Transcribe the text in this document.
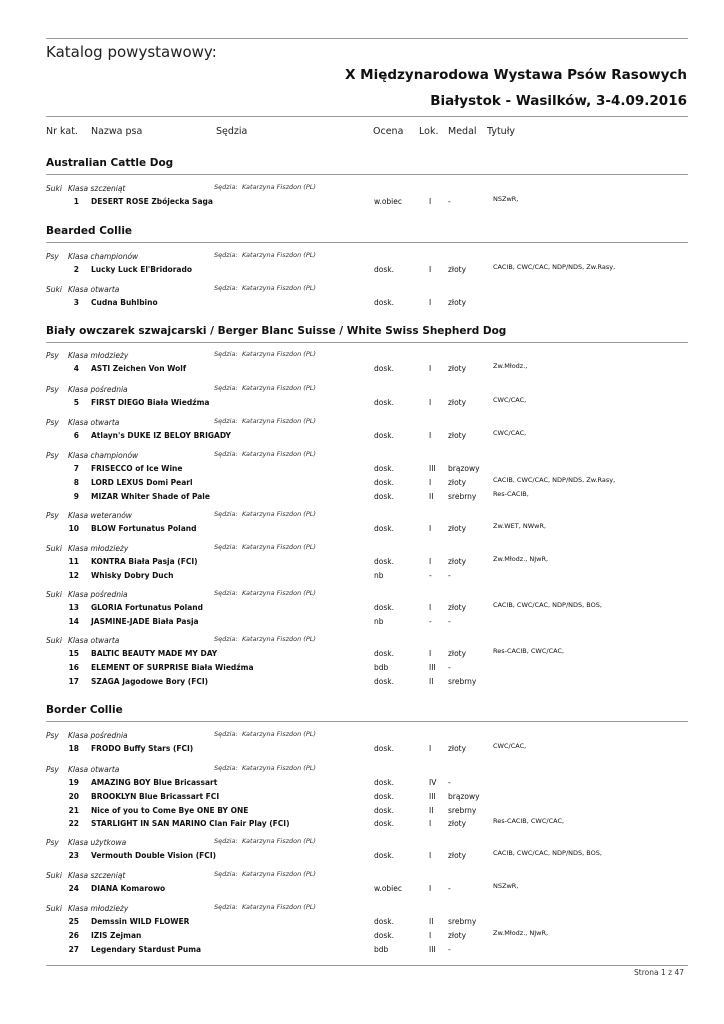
Katalog powystawowy:
X Międzynarodowa Wystawa Psów Rasowych
Białystok - Wasilków, 3-4.09.2016
Nr kat. Nazwa psa	Sędzia	Ocena Lok. Medal Tytuły
Australian Cattle Dog
Suki Klasa szczeniąt	Sędzia: Katarzyna Fiszdon (PL)
1 DESERT ROSE Zbójecka Saga	w.obiec	I -	NSZwR,
Bearded Collie
Psy Klasa championów	Sędzia: Katarzyna Fiszdon (PL)
2 Lucky Luck El'Bridorado	dosk.	I złoty	CACIB, CWC/CAC, NDP/NDS, Zw.Rasy,
Suki Klasa otwarta	Sędzia: Katarzyna Fiszdon (PL)
3 Cudna Buhlbino	dosk.	I złoty
Biały owczarek szwajcarski / Berger Blanc Suisse / White Swiss Shepherd Dog
Psy Klasa młodzieży	Sędzia: Katarzyna Fiszdon (PL)
4 ASTI Zeichen Von Wolf	dosk.	I złoty	Zw.Młodz.,
Psy Klasa pośrednia	Sędzia: Katarzyna Fiszdon (PL)
5 FIRST DIEGO Biała Wiedźma	dosk.	I złoty	CWC/CAC,
Psy Klasa otwarta	Sędzia: Katarzyna Fiszdon (PL)
6 Atlayn's DUKE IZ BELOY BRIGADY	dosk.	I złoty	CWC/CAC,
Psy Klasa championów	Sędzia: Katarzyna Fiszdon (PL)
7 FRISECCO of Ice Wine	dosk.	III brązowy
8 LORD LEXUS Domi Pearl	dosk.	I złoty	CACIB, CWC/CAC, NDP/NDS, Zw.Rasy,
9 MIZAR Whiter Shade of Pale	dosk.	II srebrny	Res-CACIB,
Psy Klasa weteranów	Sędzia: Katarzyna Fiszdon (PL)
10 BLOW Fortunatus Poland	dosk.	I złoty	Zw.WET, NWwR,
Suki Klasa młodzieży	Sędzia: Katarzyna Fiszdon (PL)
11 KONTRA Biała Pasja (FCI)	dosk.	I złoty	Zw.Młodz., NJwR,
12 Whisky Dobry Duch	nb	- -
Suki Klasa pośrednia	Sędzia: Katarzyna Fiszdon (PL)
13 GLORIA Fortunatus Poland	dosk.	I złoty	CACIB, CWC/CAC, NDP/NDS, BOS,
14 JASMINE-JADE Biała Pasja	nb	- -
Suki Klasa otwarta	Sędzia: Katarzyna Fiszdon (PL)
15 BALTIC BEAUTY MADE MY DAY	dosk.	I złoty	Res-CACIB, CWC/CAC,
16 ELEMENT OF SURPRISE Biała Wiedźma	bdb	III -
17 SZAGA Jagodowe Bory (FCI)	dosk.	II srebrny
Border Collie
Psy Klasa pośrednia	Sędzia: Katarzyna Fiszdon (PL)
18 FRODO Buffy Stars (FCI)	dosk.	I złoty	CWC/CAC,
Psy Klasa otwarta	Sędzia: Katarzyna Fiszdon (PL)
19 AMAZING BOY Blue Bricassart	dosk.	IV -
20 BROOKLYN Blue Bricassart FCI	dosk.	III brązowy
21 Nice of you to Come Bye ONE BY ONE	dosk.	II srebrny
22 STARLIGHT IN SAN MARINO Clan Fair Play (FCI)	dosk.	I złoty	Res-CACIB, CWC/CAC,
Psy Klasa użytkowa	Sędzia: Katarzyna Fiszdon (PL)
23 Vermouth Double Vision (FCI)	dosk.	I złoty	CACIB, CWC/CAC, NDP/NDS, BOS,
Suki Klasa szczeniąt	Sędzia: Katarzyna Fiszdon (PL)
24 DIANA Komarowo	w.obiec	I -	NSZwR,
Suki Klasa młodzieży	Sędzia: Katarzyna Fiszdon (PL)
25 Demssin WILD FLOWER	dosk.	II srebrny
26 IZIS Zejman	dosk.	I złoty	Zw.Młodz., NJwR,
27 Legendary Stardust Puma	bdb	III -
Strona 1 z 47
